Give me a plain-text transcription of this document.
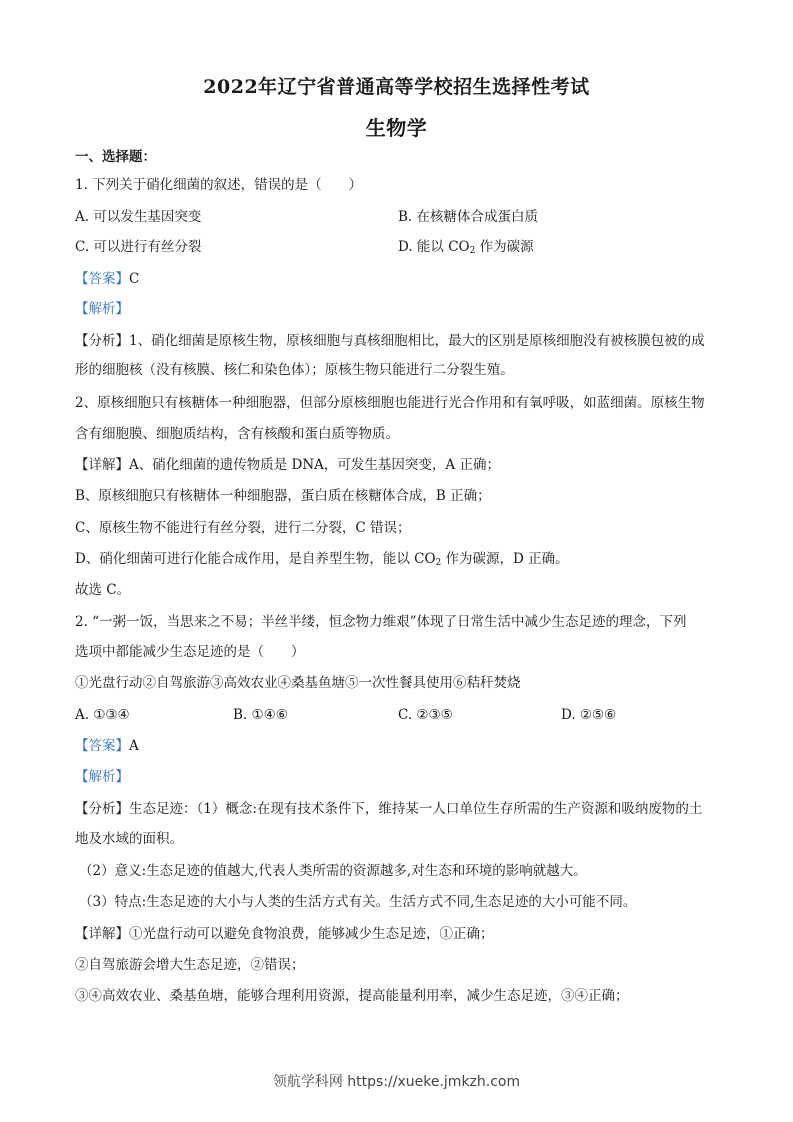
2022年辽宁省普通高等学校招生选择性考试
生物学
一、选择题：
1. 下列关于硝化细菌的叙述，错误的是（　　）
A. 可以发生基因突变	B. 在核糖体合成蛋白质
C. 可以进行有丝分裂	D. 能以 $CO_2$ 作为碳源
【答案】C
【解析】
【分析】1、硝化细菌是原核生物，原核细胞与真核细胞相比，最大的区别是原核细胞没有被核膜包被的成
形的细胞核（没有核膜、核仁和染色体）；原核生物只能进行二分裂生殖。
2、原核细胞只有核糖体一种细胞器，但部分原核细胞也能进行光合作用和有氧呼吸，如蓝细菌。原核生物
含有细胞膜、细胞质结构，含有核酸和蛋白质等物质。
【详解】A、硝化细菌的遗传物质是 DNA，可发生基因突变，A 正确；
B、原核细胞只有核糖体一种细胞器，蛋白质在核糖体合成，B 正确；
C、原核生物不能进行有丝分裂，进行二分裂，C 错误；
D、硝化细菌可进行化能合成作用，是自养型生物，能以 $CO_2$ 作为碳源，D 正确。
故选 C。
2. “一粥一饭，当思来之不易；半丝半缕，恒念物力维艰”体现了日常生活中减少生态足迹的理念，下列
选项中都能减少生态足迹的是（　　）
①光盘行动②自驾旅游③高效农业④桑基鱼塘⑤一次性餐具使用⑥秸秆焚烧
A. ①③④	B. ①④⑥	C. ②③⑤	D. ②⑤⑥
【答案】A
【解析】
【分析】生态足迹：（1）概念:在现有技术条件下，维持某一人口单位生存所需的生产资源和吸纳废物的土
地及水域的面积。
（2）意义:生态足迹的值越大,代表人类所需的资源越多,对生态和环境的影响就越大。
（3）特点:生态足迹的大小与人类的生活方式有关。生活方式不同,生态足迹的大小可能不同。
【详解】①光盘行动可以避免食物浪费，能够减少生态足迹，①正确；
②自驾旅游会增大生态足迹，②错误；
③④高效农业、桑基鱼塘，能够合理利用资源，提高能量利用率，减少生态足迹，③④正确；
领航学科网 https://xueke.jmkzh.com
